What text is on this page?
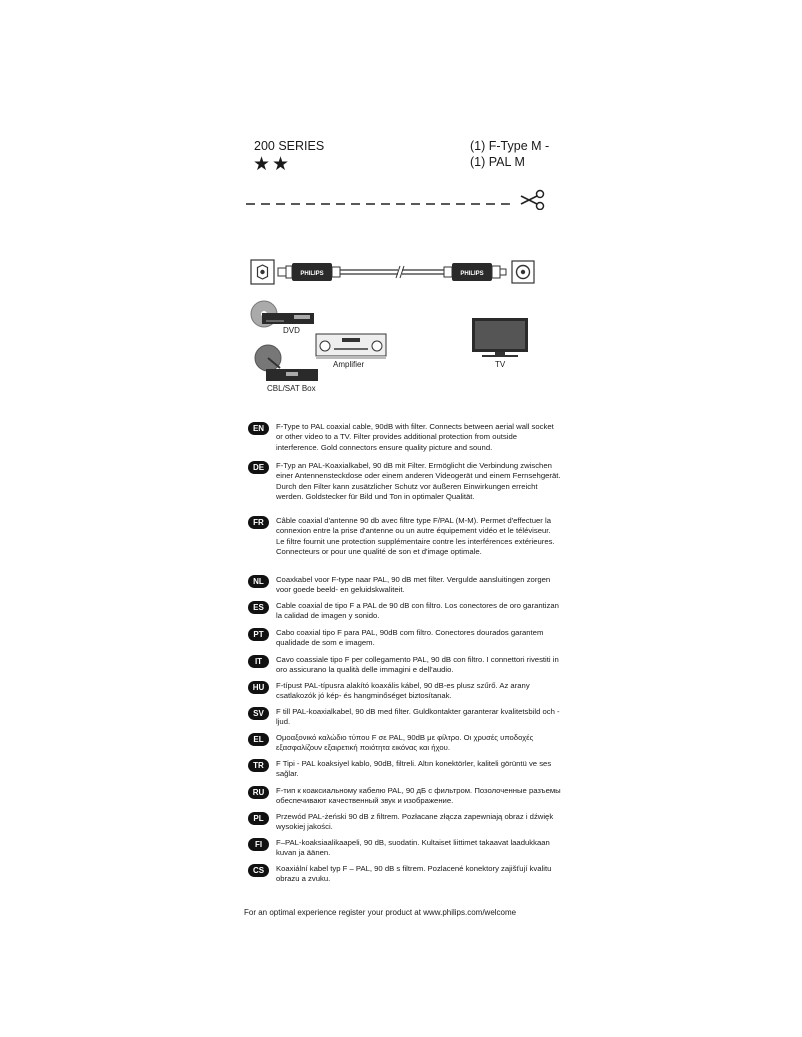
200 SERIES
★★
(1) F-Type M -
(1) PAL M
PHILIPS	PHILIPS
DVD
Amplifier	TV
CBL/SAT Box
EN	F-Type to PAL coaxial cable, 90dB with filter. Connects between aerial wall socket or other video to a TV. Filter provides additional protection from outside interference. Gold connectors ensure quality picture and sound.
DE	F-Typ an PAL-Koaxialkabel, 90 dB mit Filter. Ermöglicht die Verbindung zwischen einer Antennensteckdose oder einem anderen Videogerät und einem Fernsehgerät. Durch den Filter kann zusätzlicher Schutz vor äußeren Einwirkungen erreicht werden. Goldstecker für Bild und Ton in optimaler Qualität.
FR	Câble coaxial d'antenne 90 db avec filtre type F/PAL (M-M). Permet d'effectuer la connexion entre la prise d'antenne ou un autre équipement vidéo et le téléviseur. Le filtre fournit une protection supplémentaire contre les interférences extérieures. Connecteurs or pour une qualité de son et d'image optimale.
NL	Coaxkabel voor F-type naar PAL, 90 dB met filter. Vergulde aansluitingen zorgen voor goede beeld- en geluidskwaliteit.
ES	Cable coaxial de tipo F a PAL de 90 dB con filtro. Los conectores de oro garantizan la calidad de imagen y sonido.
PT	Cabo coaxial tipo F para PAL, 90dB com filtro. Conectores dourados garantem qualidade de som e imagem.
IT	Cavo coassiale tipo F per collegamento PAL, 90 dB con filtro. I connettori rivestiti in oro assicurano la qualità delle immagini e dell'audio.
HU	F-típust PAL-típusra alakító koaxális kábel, 90 dB-es plusz szűrő. Az arany csatlakozók jó kép- és hangminőséget biztosítanak.
SV	F till PAL-koaxialkabel, 90 dB med filter. Guldkontakter garanterar kvalitetsbild och -ljud.
EL	Ομοαξονικό καλώδιο τύπου F σε PAL, 90dB με φίλτρο. Οι χρυσές υποδοχές εξασφαλίζουν εξαιρετική ποιότητα εικόνας και ήχου.
TR	F Tipi - PAL koaksiyel kablo, 90dB, filtreli. Altın konektörler, kaliteli görüntü ve ses sağlar.
RU	F-тип к коаксиальному кабелю PAL, 90 дБ с фильтром. Позолоченные разъемы обеспечивают качественный звук и изображение.
PL	Przewód PAL-żeński 90 dB z filtrem. Pozłacane złącza zapewniają obraz i dźwięk wysokiej jakości.
FI	F–PAL-koaksiaalikaapeli, 90 dB, suodatin. Kultaiset liittimet takaavat laadukkaan kuvan ja äänen.
CS	Koaxiální kabel typ F – PAL, 90 dB s filtrem. Pozlacené konektory zajišťují kvalitu obrazu a zvuku.
For an optimal experience register your product at www.philips.com/welcome
